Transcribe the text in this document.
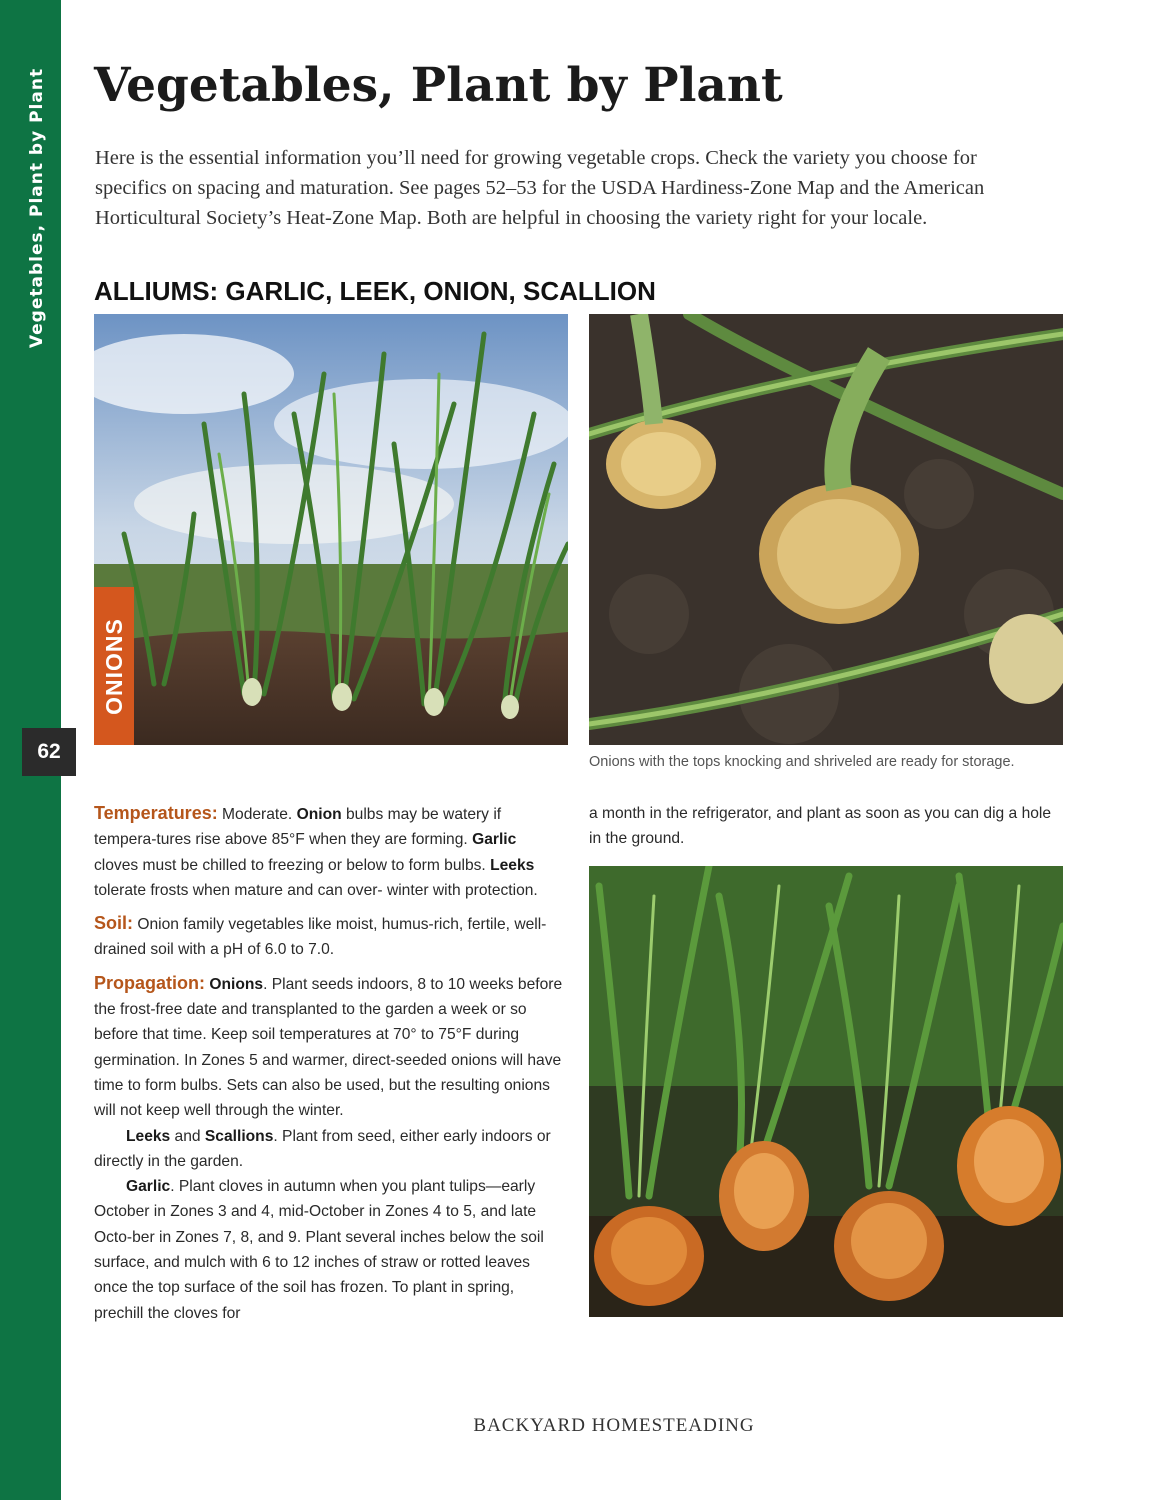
Vegetables, Plant by Plant
62
Vegetables, Plant by Plant

Here is the essential information you’ll need for growing vegetable crops. Check the variety you choose for specifics on spacing and maturation. See pages 52–53 for the USDA Hardiness-Zone Map and the American Horticultural Society’s Heat-Zone Map. Both are helpful in choosing the variety right for your locale.

ALLIUMS: GARLIC, LEEK, ONION, SCALLION
ONIONS

Onions with the tops knocking and shriveled are ready for storage.

Temperatures: Moderate. Onion bulbs may be watery if tempera-tures rise above 85°F when they are forming. Garlic cloves must be chilled to freezing or below to form bulbs. Leeks tolerate frosts when mature and can over- winter with protection.

Soil: Onion family vegetables like moist, humus-rich, fertile, well-drained soil with a pH of 6.0 to 7.0.

Propagation: Onions. Plant seeds indoors, 8 to 10 weeks before the frost-free date and transplanted to the garden a week or so before that time. Keep soil temperatures at 70° to 75°F during germination. In Zones 5 and warmer, direct-seeded onions will have time to form bulbs. Sets can also be used, but the resulting onions will not keep well through the winter.

Leeks and Scallions. Plant from seed, either early indoors or directly in the garden.

Garlic. Plant cloves in autumn when you plant tulips—early October in Zones 3 and 4, mid-October in Zones 4 to 5, and late Octo-ber in Zones 7, 8, and 9. Plant several inches below the soil surface, and mulch with 6 to 12 inches of straw or rotted leaves once the top surface of the soil has frozen. To plant in spring, prechill the cloves for

a month in the refrigerator, and plant as soon as you can dig a hole in the ground.

BACKYARD HOMESTEADING
